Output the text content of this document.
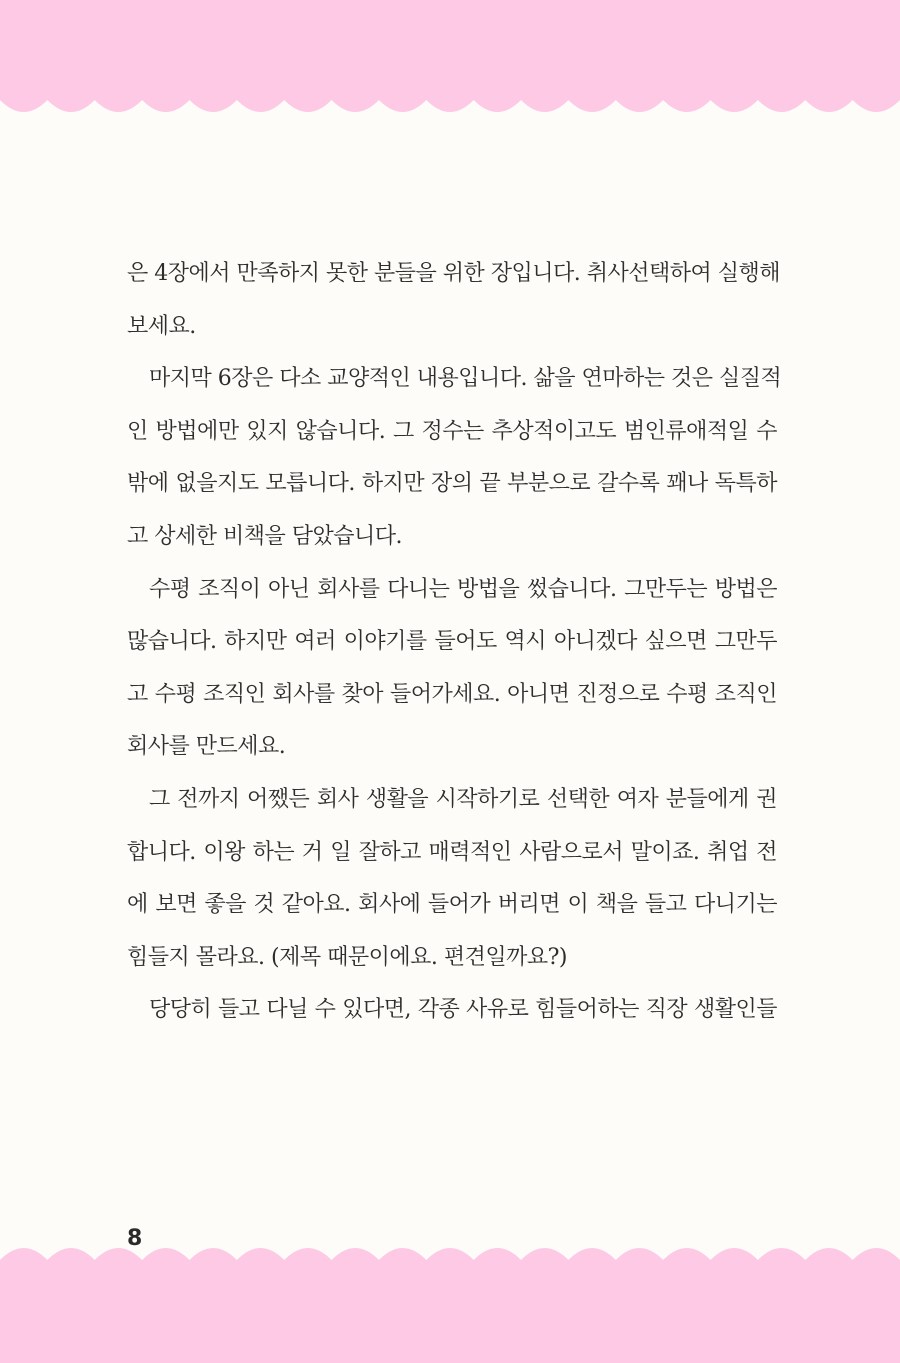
은 4장에서 만족하지 못한 분들을 위한 장입니다. 취사선택하여 실행해
보세요.
마지막 6장은 다소 교양적인 내용입니다. 삶을 연마하는 것은 실질적
인 방법에만 있지 않습니다. 그 정수는 추상적이고도 범인류애적일 수
밖에 없을지도 모릅니다. 하지만 장의 끝 부분으로 갈수록 꽤나 독특하
고 상세한 비책을 담았습니다.
수평 조직이 아닌 회사를 다니는 방법을 썼습니다. 그만두는 방법은
많습니다. 하지만 여러 이야기를 들어도 역시 아니겠다 싶으면 그만두
고 수평 조직인 회사를 찾아 들어가세요. 아니면 진정으로 수평 조직인
회사를 만드세요.
그 전까지 어쨌든 회사 생활을 시작하기로 선택한 여자 분들에게 권
합니다. 이왕 하는 거 일 잘하고 매력적인 사람으로서 말이죠. 취업 전
에 보면 좋을 것 같아요. 회사에 들어가 버리면 이 책을 들고 다니기는
힘들지 몰라요. (제목 때문이에요. 편견일까요?)
당당히 들고 다닐 수 있다면, 각종 사유로 힘들어하는 직장 생활인들
8
